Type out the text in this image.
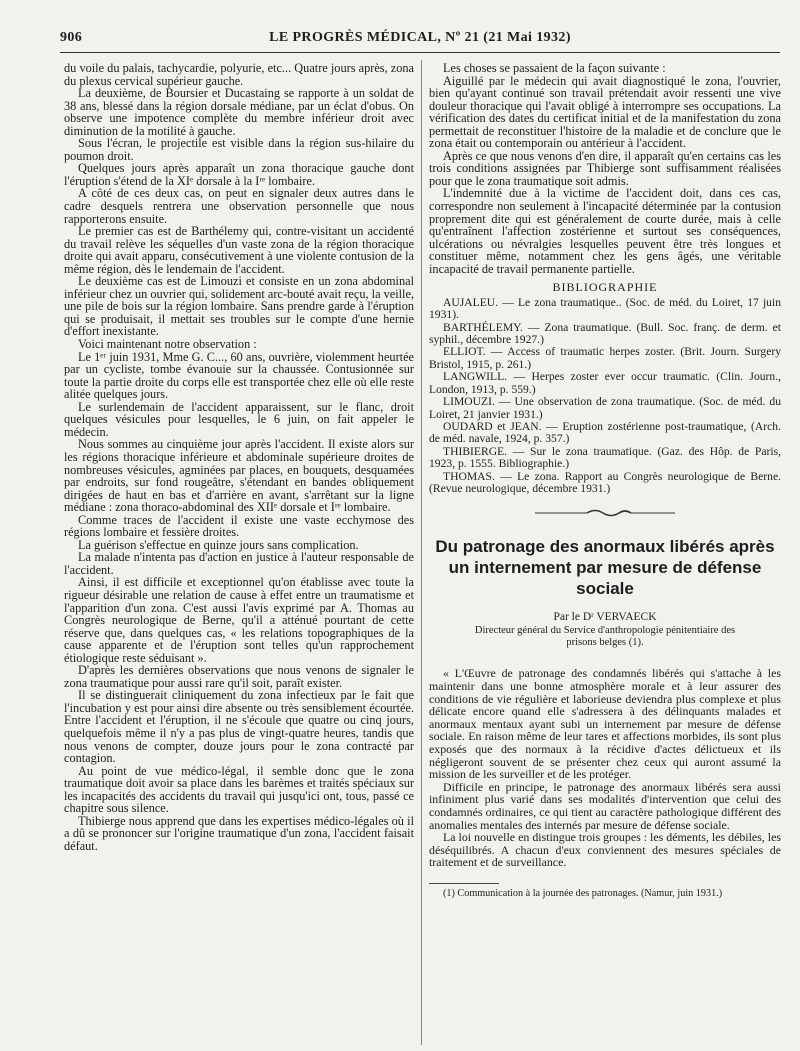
906	LE PROGRÈS MÉDICAL, Nº 21 (21 Mai 1932)

du voile du palais, tachycardie, polyurie, etc... Quatre jours après, zona du plexus cervical supérieur gauche.

La deuxième, de Boursier et Ducastaing se rapporte à un soldat de 38 ans, blessé dans la région dorsale médiane, par un éclat d'obus. On observe une impotence complète du membre inférieur droit avec diminution de la motilité à gauche.

Sous l'écran, le projectile est visible dans la région sus-hilaire du poumon droit.

Quelques jours après apparaît un zona thoracique gauche dont l'éruption s'étend de la XIᵉ dorsale à la Iʳᵉ lombaire.

A côté de ces deux cas, on peut en signaler deux autres dans le cadre desquels rentrera une observation personnelle que nous rapporterons ensuite.

Le premier cas est de Barthélemy qui, contre-visitant un accidenté du travail relève les séquelles d'un vaste zona de la région thoracique droite qui avait apparu, consécutivement à une violente contusion de la même région, dès le lendemain de l'accident.

Le deuxième cas est de Limouzi et consiste en un zona abdominal inférieur chez un ouvrier qui, solidement arc-bouté avait reçu, la veille, une pile de bois sur la région lombaire. Sans prendre garde à l'éruption qui se produisait, il mettait ses troubles sur le compte d'une hernie d'effort inexistante.

Voici maintenant notre observation :

Le 1ᵉʳ juin 1931, Mme G. C..., 60 ans, ouvrière, violemment heurtée par un cycliste, tombe évanouie sur la chaussée. Contusionnée sur toute la partie droite du corps elle est transportée chez elle où elle reste alitée quelques jours.

Le surlendemain de l'accident apparaissent, sur le flanc, droit quelques vésicules pour lesquelles, le 6 juin, on fait appeler le médecin.

Nous sommes au cinquième jour après l'accident. Il existe alors sur les régions thoracique inférieure et abdominale supérieure droites de nombreuses vésicules, agminées par places, en bouquets, desquamées par endroits, sur fond rougeâtre, s'étendant en bandes obliquement dirigées de haut en bas et d'arrière en avant, s'arrêtant sur la ligne médiane : zona thoraco-abdominal des XIIᵉ dorsale et Iʳᵉ lombaire.

Comme traces de l'accident il existe une vaste ecchymose des régions lombaire et fessière droites.

La guérison s'effectue en quinze jours sans complication.

La malade n'intenta pas d'action en justice à l'auteur responsable de l'accident.

Ainsi, il est difficile et exceptionnel qu'on établisse avec toute la rigueur désirable une relation de cause à effet entre un traumatisme et l'apparition d'un zona. C'est aussi l'avis exprimé par A. Thomas au Congrès neurologique de Berne, qu'il a atténué pourtant de cette réserve que, dans quelques cas, « les relations topographiques de la cause apparente et de l'éruption sont telles qu'un rapprochement étiologique reste séduisant ».

D'après les dernières observations que nous venons de signaler le zona traumatique pour aussi rare qu'il soit, paraît exister.

Il se distinguerait cliniquement du zona infectieux par le fait que l'incubation y est pour ainsi dire absente ou très sensiblement écourtée. Entre l'accident et l'éruption, il ne s'écoule que quatre ou cinq jours, quelquefois même il n'y a pas plus de vingt-quatre heures, tandis que nous venons de compter, douze jours pour le zona contracté par contagion.

Au point de vue médico-légal, il semble donc que le zona traumatique doit avoir sa place dans les barèmes et traités spéciaux sur les incapacités des accidents du travail qui jusqu'ici ont, tous, passé ce chapitre sous silence.

Thibierge nous apprend que dans les expertises médico-légales où il a dû se prononcer sur l'origine traumatique d'un zona, l'accident faisait défaut.

Les choses se passaient de la façon suivante :

Aiguillé par le médecin qui avait diagnostiqué le zona, l'ouvrier, bien qu'ayant continué son travail prétendait avoir ressenti une vive douleur thoracique qui l'avait obligé à interrompre ses occupations. La vérification des dates du certificat initial et de la manifestation du zona permettait de reconstituer l'histoire de la maladie et de conclure que le zona était ou contemporain ou antérieur à l'accident.

Après ce que nous venons d'en dire, il apparaît qu'en certains cas les trois conditions assignées par Thibierge sont suffisamment réalisées pour que le zona traumatique soit admis.

L'indemnité due à la victime de l'accident doit, dans ces cas, correspondre non seulement à l'incapacité déterminée par la contusion proprement dite qui est généralement de courte durée, mais à celle qu'entraînent l'affection zostérienne et surtout ses conséquences, ulcérations ou névralgies lesquelles peuvent être très longues et constituer même, notamment chez les gens âgés, une véritable incapacité de travail permanente partielle.

BIBLIOGRAPHIE

AUJALEU. — Le zona traumatique.. (Soc. de méd. du Loiret, 17 juin 1931).

BARTHÉLEMY. — Zona traumatique. (Bull. Soc. franç. de derm. et syphil., décembre 1927.)

ELLIOT. — Access of traumatic herpes zoster. (Brit. Journ. Surgery Bristol, 1915, p. 261.)

LANGWILL. — Herpes zoster ever occur traumatic. (Clin. Journ., London, 1913, p. 559.)

LIMOUZI. — Une observation de zona traumatique. (Soc. de méd. du Loiret, 21 janvier 1931.)

OUDARD et JEAN. — Eruption zostérienne post-traumatique, (Arch. de méd. navale, 1924, p. 357.)

THIBIERGE. — Sur le zona traumatique. (Gaz. des Hôp. de Paris, 1923, p. 1555. Bibliographie.)

THOMAS. — Le zona. Rapport au Congrès neurologique de Berne. (Revue neurologique, décembre 1931.)

Du patronage des anormaux libérés après un internement par mesure de défense sociale
Par le Dʳ VERVAECK
Directeur général du Service d'anthropologie pénitentiaire des prisons belges (1).

« L'Œuvre de patronage des condamnés libérés qui s'attache à les maintenir dans une bonne atmosphère morale et à leur assurer des conditions de vie régulière et laborieuse deviendra plus complexe et plus délicate encore quand elle s'adressera à des délinquants malades et anormaux mentaux ayant subi un internement par mesure de défense sociale. En raison même de leur tares et affections morbides, ils sont plus exposés que des normaux à la récidive d'actes délictueux et ils négligeront souvent de se présenter chez ceux qui auront assumé la mission de les surveiller et de les protéger.

Difficile en principe, le patronage des anormaux libérés sera aussi infiniment plus varié dans ses modalités d'intervention que celui des condamnés ordinaires, ce qui tient au caractère pathologique différent des anomalies mentales des internés par mesure de défense sociale.

La loi nouvelle en distingue trois groupes : les déments, les débiles, les déséquilibrés. A chacun d'eux conviennent des mesures spéciales de traitement et de surveillance.

(1) Communication à la journée des patronages. (Namur, juin 1931.)
